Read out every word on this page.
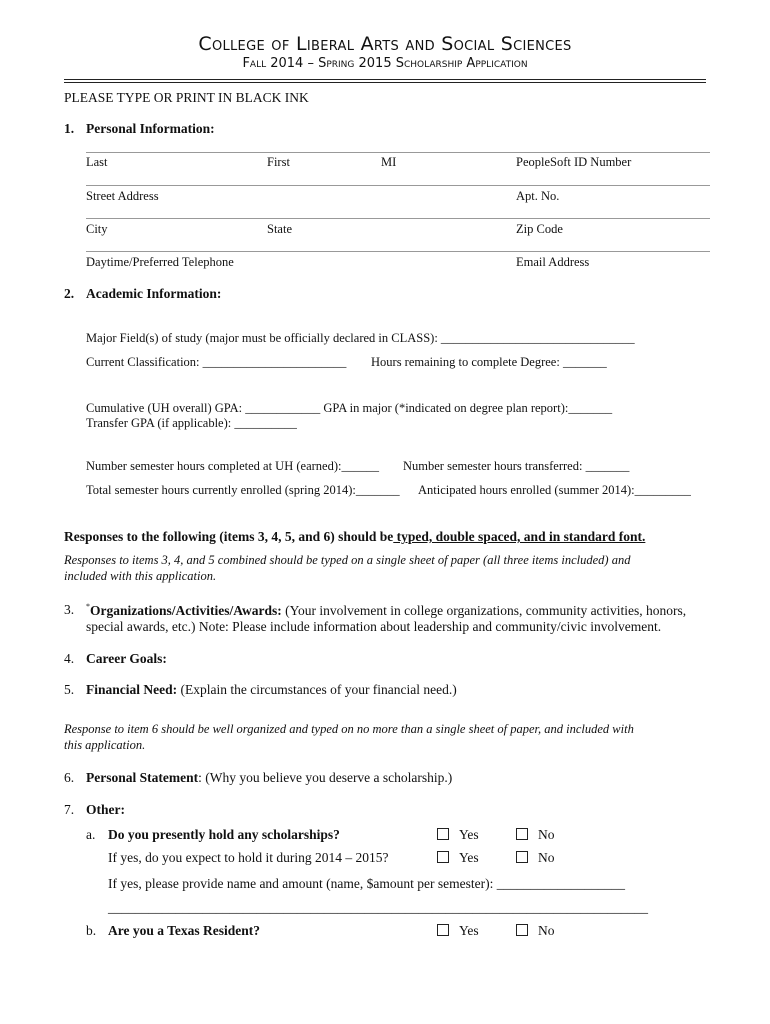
College of Liberal Arts and Social Sciences
Fall 2014 – Spring 2015 Scholarship Application
PLEASE TYPE OR PRINT IN BLACK INK
1. Personal Information:
Last	First	MI	PeopleSoft ID Number
Street Address	Apt. No.
City	State	Zip Code
Daytime/Preferred Telephone	Email Address
2. Academic Information:
Major Field(s) of study (major must be officially declared in CLASS): _______________________________
Current Classification: _______________________ Hours remaining to complete Degree: _______
Cumulative (UH overall) GPA: ____________ GPA in major (*indicated on degree plan report):_______
Transfer GPA (if applicable): __________
Number semester hours completed at UH (earned):______ Number semester hours transferred: _______
Total semester hours currently enrolled (spring 2014):_______ Anticipated hours enrolled (summer 2014):_________
Responses to the following (items 3, 4, 5, and 6) should be typed, double spaced, and in standard font.
Responses to items 3, 4, and 5 combined should be typed on a single sheet of paper (all three items included) and
included with this application.
3. *Organizations/Activities/Awards: (Your involvement in college organizations, community activities, honors,
special awards, etc.) Note: Please include information about leadership and community/civic involvement.
4. Career Goals:
5. Financial Need: (Explain the circumstances of your financial need.)
Response to item 6 should be well organized and typed on no more than a single sheet of paper, and included with
this application.
6. Personal Statement: (Why you believe you deserve a scholarship.)
7. Other:
a. Do you presently hold any scholarships?	Yes	No
If yes, do you expect to hold it during 2014 – 2015?	Yes	No
If yes, please provide name and amount (name, $amount per semester): ___________________
________________________________________________________________________________
b. Are you a Texas Resident?	Yes	No
